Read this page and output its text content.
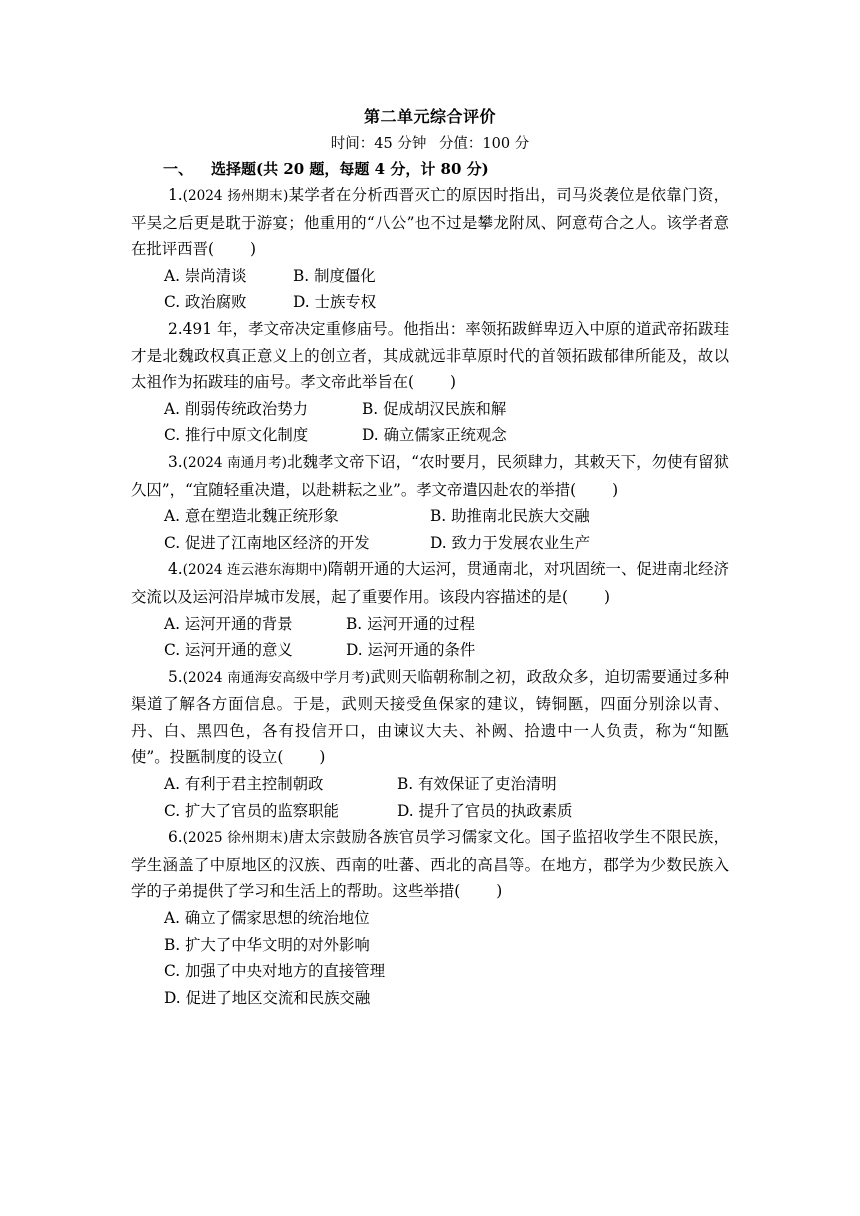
第二单元综合评价
时间：45 分钟 分值：100 分
一、 选择题(共 20 题，每题 4 分，计 80 分)

1.(2024 扬州期末)某学者在分析西晋灭亡的原因时指出，司马炎袭位是依靠门资，平吴之后更是耽于游宴；他重用的“八公”也不过是攀龙附凤、阿意苟合之人。该学者意在批评西晋( )

A. 崇尚清谈	B. 制度僵化
C. 政治腐败	D. 士族专权

2.491 年，孝文帝决定重修庙号。他指出：率领拓跋鲜卑迈入中原的道武帝拓跋珪才是北魏政权真正意义上的创立者，其成就远非草原时代的首领拓跋郁律所能及，故以太祖作为拓跋珪的庙号。孝文帝此举旨在( )

A. 削弱传统政治势力	B. 促成胡汉民族和解
C. 推行中原文化制度	D. 确立儒家正统观念

3.(2024 南通月考)北魏孝文帝下诏，“农时要月，民须肆力，其敕天下，勿使有留狱久囚”，“宜随轻重决遣，以赴耕耘之业”。孝文帝遣囚赴农的举措( )

A. 意在塑造北魏正统形象	B. 助推南北民族大交融
C. 促进了江南地区经济的开发	D. 致力于发展农业生产

4.(2024 连云港东海期中)隋朝开通的大运河，贯通南北，对巩固统一、促进南北经济交流以及运河沿岸城市发展，起了重要作用。该段内容描述的是( )

A. 运河开通的背景	B. 运河开通的过程
C. 运河开通的意义	D. 运河开通的条件

5.(2024 南通海安高级中学月考)武则天临朝称制之初，政敌众多，迫切需要通过多种渠道了解各方面信息。于是，武则天接受鱼保家的建议，铸铜匦，四面分别涂以青、丹、白、黑四色，各有投信开口，由谏议大夫、补阙、拾遗中一人负责，称为“知匦使”。投匦制度的设立( )

A. 有利于君主控制朝政	B. 有效保证了吏治清明
C. 扩大了官员的监察职能	D. 提升了官员的执政素质

6.(2025 徐州期末)唐太宗鼓励各族官员学习儒家文化。国子监招收学生不限民族，学生涵盖了中原地区的汉族、西南的吐蕃、西北的高昌等。在地方，郡学为少数民族入学的子弟提供了学习和生活上的帮助。这些举措( )

A. 确立了儒家思想的统治地位
B. 扩大了中华文明的对外影响
C. 加强了中央对地方的直接管理
D. 促进了地区交流和民族交融
